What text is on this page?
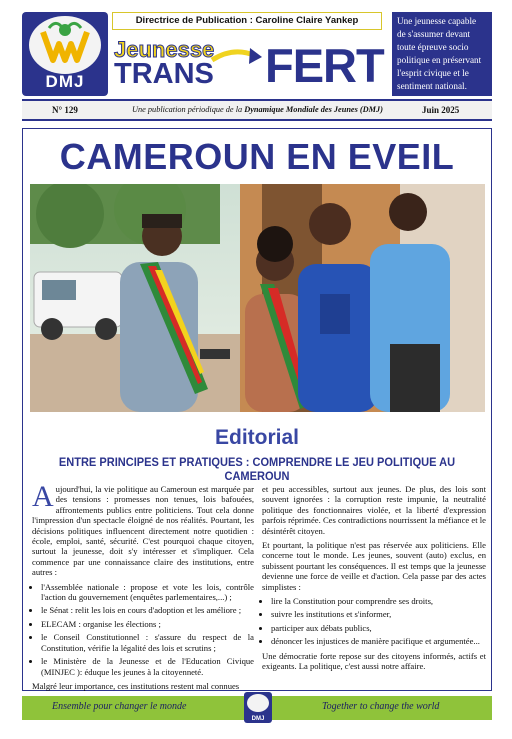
DMJ
Directrice de Publication : Caroline Claire Yankep
Jeunesse
TRANS FERT
Une jeunesse capable
de s'assumer devant
toute épreuve socio
politique en préservant
l'esprit civique et le
sentiment national.
N° 129	Une publication périodique de la Dynamique Mondiale des Jeunes (DMJ)	Juin 2025
CAMEROUN EN EVEIL
Editorial
ENTRE PRINCIPES ET PRATIQUES : COMPRENDRE LE JEU POLITIQUE AU CAMEROUN

Aujourd'hui, la vie politique au Cameroun est marquée par des tensions : promesses non tenues, lois bafouées, affrontements publics entre politiciens. Tout cela donne l'impression d'un spectacle éloigné de nos réalités. Pourtant, les décisions politiques influencent directement notre quotidien : école, emploi, santé, sécurité. C'est pourquoi chaque citoyen, surtout la jeunesse, doit s'y intéresser et s'impliquer. Cela commence par une connaissance claire des institutions, entre autres :

• l'Assemblée nationale : propose et vote les lois, contrôle l'action du gouvernement (enquêtes parlementaires,...) ;
• le Sénat : relit les lois en cours d'adoption et les améliore ;
• ELECAM : organise les élections ;
• le Conseil Constitutionnel : s'assure du respect de la Constitution, vérifie la légalité des lois et scrutins ;
• le Ministère de la Jeunesse et de l'Education Civique (MINJEC ): éduque les jeunes à la citoyenneté.

Malgré leur importance, ces institutions restent mal connues

et peu accessibles, surtout aux jeunes. De plus, des lois sont souvent ignorées : la corruption reste impunie, la neutralité politique des fonctionnaires violée, et la liberté d'expression parfois réprimée. Ces contradictions nourrissent la méfiance et le désintérêt citoyen.

Et pourtant, la politique n'est pas réservée aux politiciens. Elle concerne tout le monde. Les jeunes, souvent (auto) exclus, en subissent pourtant les conséquences. Il est temps que la jeunesse devienne une force de veille et d'action. Cela passe par des actes simplistes :

• lire la Constitution pour comprendre ses droits,
• suivre les institutions et s'informer,
• participer aux débats publics,
• dénoncer les injustices de manière pacifique et argumentée...

Une démocratie forte repose sur des citoyens informés, actifs et exigeants. La politique, c'est aussi notre affaire.

Ensemble pour changer le monde	Together to change the world
DMJ
